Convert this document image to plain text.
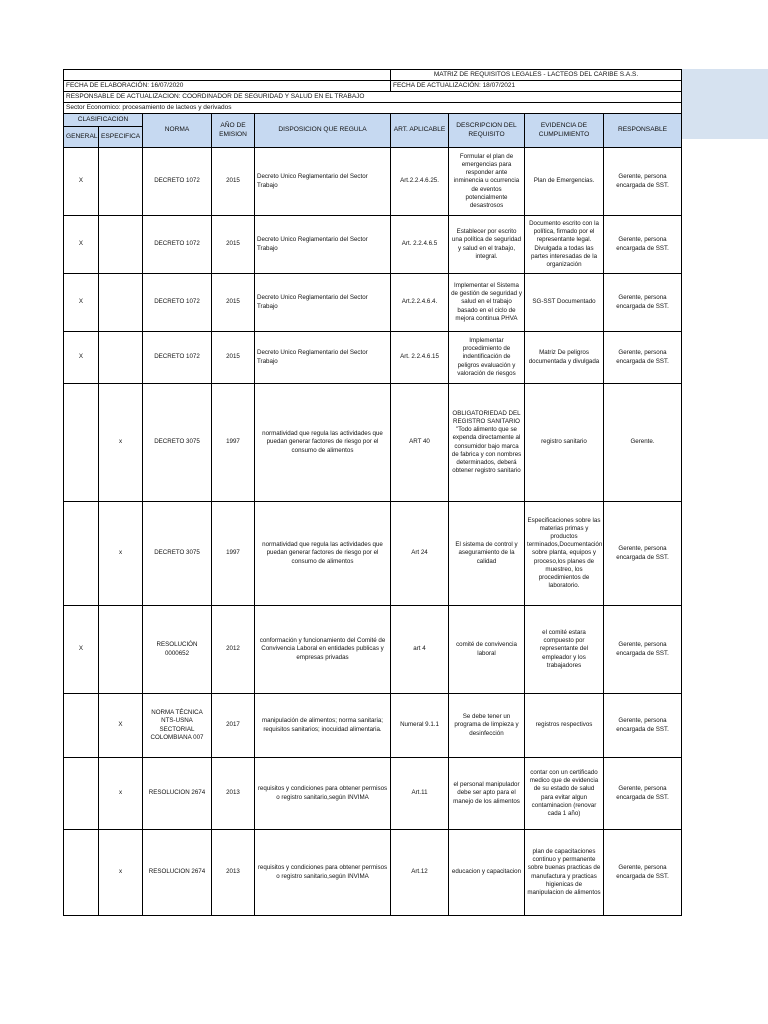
					MATRIZ DE REQUISITOS LEGALES - LACTEOS DEL CARIBE S.A.S.			
FECHA DE ELABORACIÓN: 16/07/2020					FECHA DE ACTUALIZACIÓN: 18/07/2021			
RESPONSABLE DE ACTUALIZACION: COORDINADOR DE SEGURIDAD Y SALUD EN EL TRABAJO								
Sector Economico: procesamiento de lacteos y derivados								
CLASIFICACION		NORMA	AÑO DE EMISION	DISPOSICION QUE REGULA	ART. APLICABLE	DESCRIPCION DEL REQUISITO	EVIDENCIA DE CUMPLIMIENTO	RESPONSABLE
GENERAL	ESPECIFICA							
X		DECRETO 1072	2015	Decreto Unico Reglamentario del Sector Trabajo	Art.2.2.4.6.25.	Formular el plan de emergencias para responder ante inminencia u ocurrencia de eventos potencialmente desastrosos	Plan de Emergencias.	Gerente, persona encargada de SST.
X		DECRETO 1072	2015	Decreto Unico Reglamentario del Sector Trabajo	Art. 2.2.4.6.5	Establecer por escrito una política de seguridad y salud en el trabajo, integral.	Documento escrito con la política, firmado por el representante legal. Divulgada a todas las partes interesadas de la organización	Gerente, persona encargada de SST.
X		DECRETO 1072	2015	Decreto Unico Reglamentario del Sector Trabajo	Art.2.2.4.6.4.	Implementar el Sistema de gestión de seguridad y salud en el trabajo basado en el ciclo de mejora continua PHVA	SG-SST Documentado	Gerente, persona encargada de SST.
X		DECRETO 1072	2015	Decreto Unico Reglamentario del Sector Trabajo	Art. 2.2.4.6.15	Implementar procedimiento de indentificación de peligros evaluación y valoración de riesgos	Matriz De peligros documentada y divulgada	Gerente, persona encargada de SST.
	x	DECRETO 3075	1997	normatividad que regula las actividades que puedan generar factores de riesgo por el consumo de alimentos	ART 40	OBLIGATORIEDAD DEL REGISTRO SANITARIO "Todo alimento que se expenda directamente al consumidor bajo marca de fabrica y con nombres determinados, deberá obtener registro sanitario	registro sanitario	Gerente.
	x	DECRETO 3075	1997	normatividad que regula las actividades que puedan generar factores de riesgo por el consumo de alimentos	Art 24	El sistema de control y aseguramiento de la calidad	Especificaciones sobre las materias primas y productos terminados,Documentación sobre planta, equipos y proceso,los planes de muestreo, los procedimientos de laboratorio.	Gerente, persona encargada de SST.
X		RESOLUCIÓN 0000652	2012	conformación y funcionamiento del Comité de Convivencia Laboral en entidades publicas y empresas privadas	art 4	comité de convivencia laboral	el comité estara compuesto por representante del empleador y los trabajadores	Gerente, persona encargada de SST.
	X	NORMA TÉCNICA NTS-USNA SECTORIAL COLOMBIANA 007	2017	manipulación de alimentos; norma sanitaria; requisitos sanitarios; inocuidad alimentaria.	Numeral 9.1.1	Se debe tener un programa de limpieza y desinfección	registros respectivos	Gerente, persona encargada de SST.
	x	RESOLUCION 2674	2013	requisitos y condiciones para obtener permisos o registro sanitario,según INVIMA	Art.11	el personal manipulador debe ser apto para el manejo de los alimentos	contar con un certificado medico que de evidencia de su estado de salud para evitar algun contaminacion (renovar cada 1 año)	Gerente, persona encargada de SST.
	x	RESOLUCION 2674	2013	requisitos y condiciones para obtener permisos o registro sanitario,según INVIMA	Art.12	educacion y capacitacion	plan de capacitaciones continuo y permanente sobre buenas practicas de manufactura y practicas higienicas de manipulacion de alimentos	Gerente, persona encargada de SST.
